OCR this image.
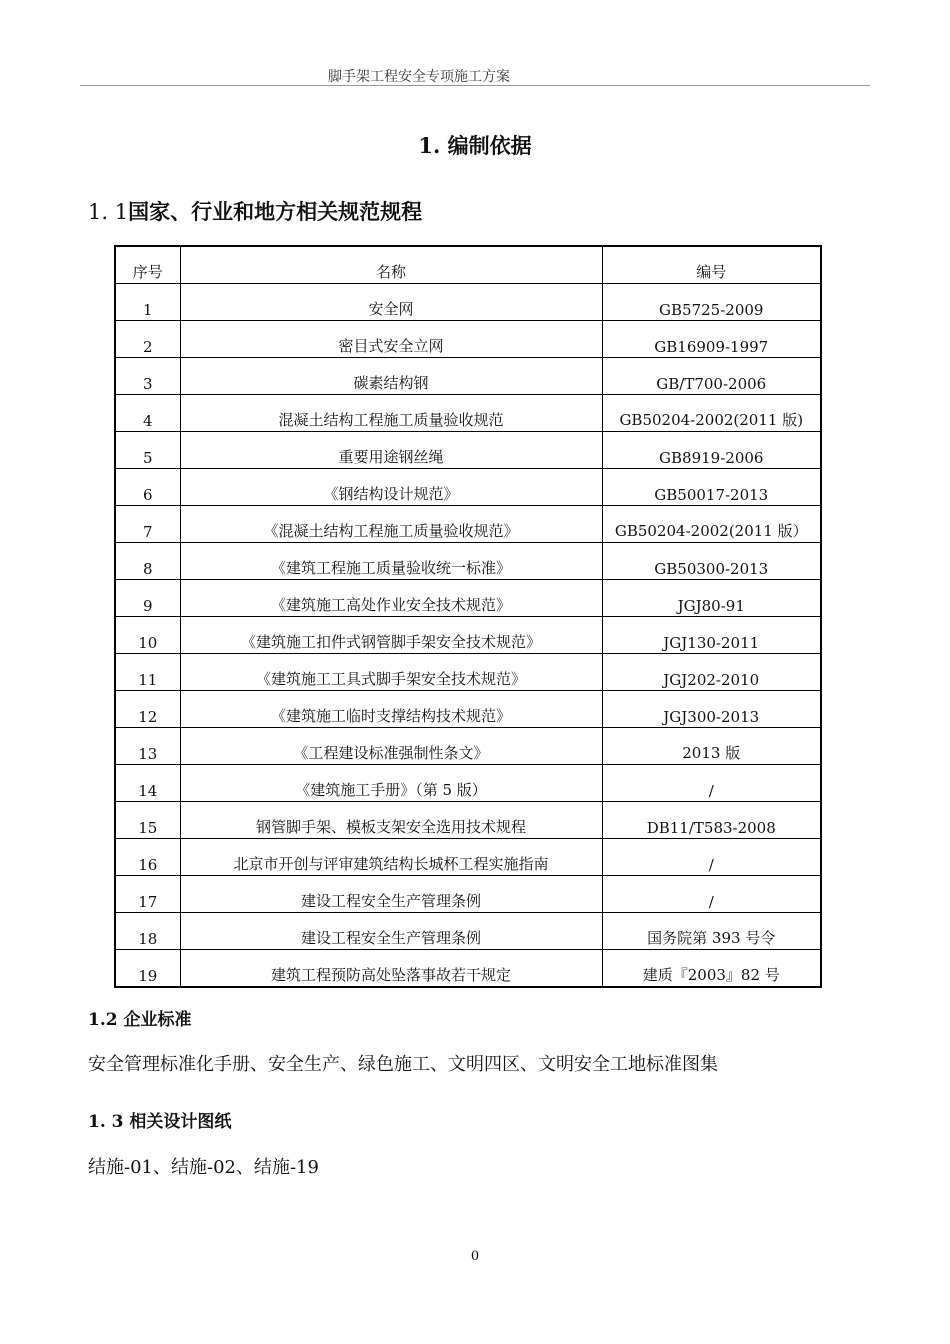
脚手架工程安全专项施工方案
1. 编制依据
1. 1国家、行业和地方相关规范规程
序号	名称	编号
1	安全网	GB5725-2009
2	密目式安全立网	GB16909-1997
3	碳素结构钢	GB/T700-2006
4	混凝土结构工程施工质量验收规范	GB50204-2002(2011 版)
5	重要用途钢丝绳	GB8919-2006
6	《钢结构设计规范》	GB50017-2013
7	《混凝土结构工程施工质量验收规范》	GB50204-2002(2011 版）
8	《建筑工程施工质量验收统一标准》	GB50300-2013
9	《建筑施工高处作业安全技术规范》	JGJ80-91
10	《建筑施工扣件式钢管脚手架安全技术规范》	JGJ130-2011
11	《建筑施工工具式脚手架安全技术规范》	JGJ202-2010
12	《建筑施工临时支撑结构技术规范》	JGJ300-2013
13	《工程建设标准强制性条文》	2013 版
14	《建筑施工手册》（第 5 版）	/
15	钢管脚手架、模板支架安全选用技术规程	DB11/T583-2008
16	北京市开创与评审建筑结构长城杯工程实施指南	/
17	建设工程安全生产管理条例	/
18	建设工程安全生产管理条例	国务院第 393 号令
19	建筑工程预防高处坠落事故若干规定	建质『2003』82 号
1.2 企业标准
安全管理标准化手册、安全生产、绿色施工、文明四区、文明安全工地标准图集
1. 3 相关设计图纸
结施-01、结施-02、结施-19
0
